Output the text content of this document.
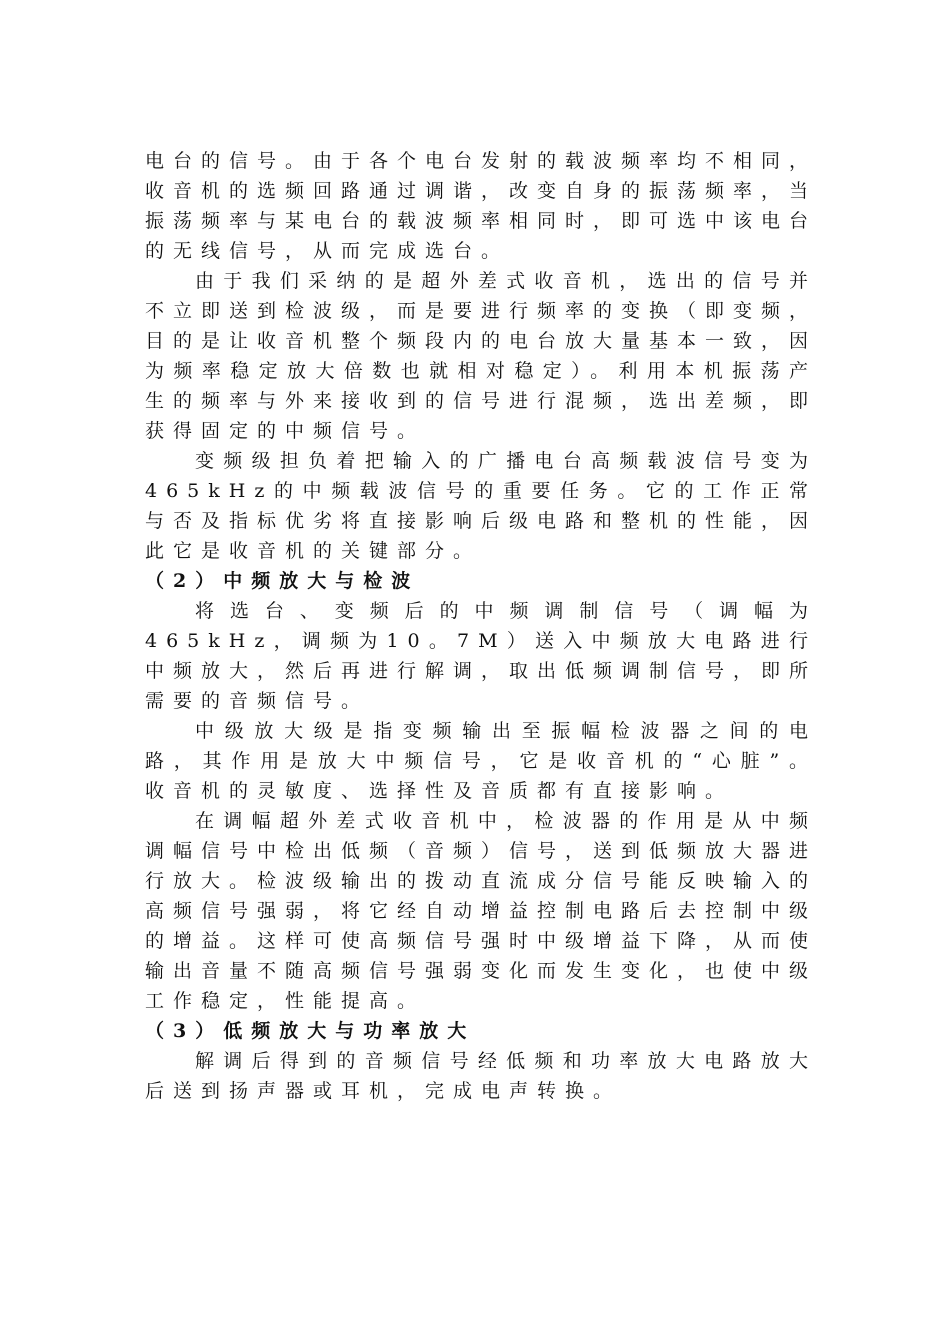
电台的信号。由于各个电台发射的载波频率均不相同，收音机的选频回路通过调谐，改变自身的振荡频率，当振荡频率与某电台的载波频率相同时，即可选中该电台的无线信号，从而完成选台。

由于我们采纳的是超外差式收音机，选出的信号并不立即送到检波级，而是要进行频率的变换（即变频，目的是让收音机整个频段内的电台放大量基本一致，因为频率稳定放大倍数也就相对稳定）。利用本机振荡产生的频率与外来接收到的信号进行混频，选出差频，即获得固定的中频信号。

变频级担负着把输入的广播电台高频载波信号变为465kHz的中频载波信号的重要任务。它的工作正常与否及指标优劣将直接影响后级电路和整机的性能，因此它是收音机的关键部分。

（2）中频放大与检波

将选台、变频后的中频调制信号（调幅为465kHz，调频为10。7M）送入中频放大电路进行中频放大，然后再进行解调，取出低频调制信号，即所需要的音频信号。

中级放大级是指变频输出至振幅检波器之间的电路，其作用是放大中频信号，它是收音机的“心脏”。收音机的灵敏度、选择性及音质都有直接影响。

在调幅超外差式收音机中，检波器的作用是从中频调幅信号中检出低频（音频）信号，送到低频放大器进行放大。检波级输出的拨动直流成分信号能反映输入的高频信号强弱，将它经自动增益控制电路后去控制中级的增益。这样可使高频信号强时中级增益下降，从而使输出音量不随高频信号强弱变化而发生变化，也使中级工作稳定，性能提高。

（3）低频放大与功率放大

解调后得到的音频信号经低频和功率放大电路放大后送到扬声器或耳机，完成电声转换。
